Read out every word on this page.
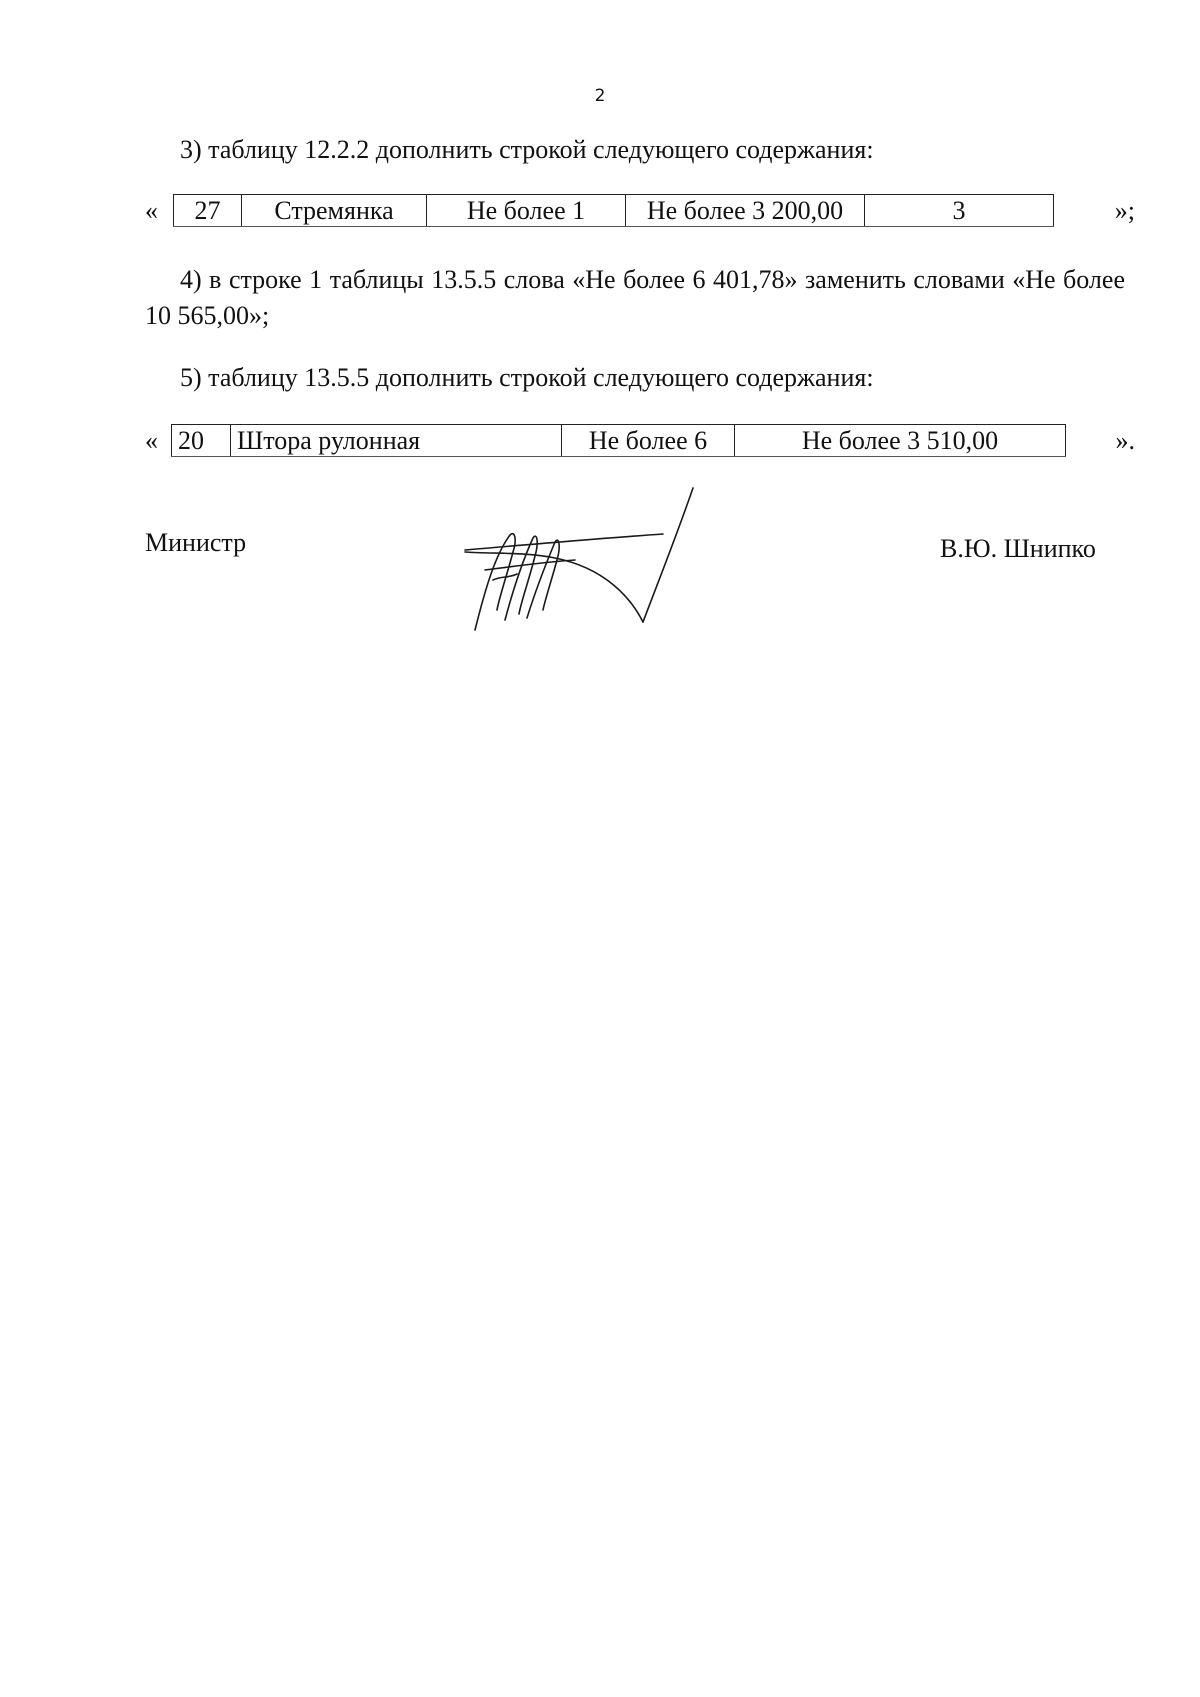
2
3) таблицу 12.2.2 дополнить строкой следующего содержания:
« 27	Стремянка	Не более 1	Не более 3 200,00	3	»;
4) в строке 1 таблицы 13.5.5 слова «Не более 6 401,78» заменить словами «Не более 10 565,00»;
5) таблицу 13.5.5 дополнить строкой следующего содержания:
« 20	Штора рулонная	Не более 6	Не более 3 510,00	».
Министр	В.Ю. Шнипко
